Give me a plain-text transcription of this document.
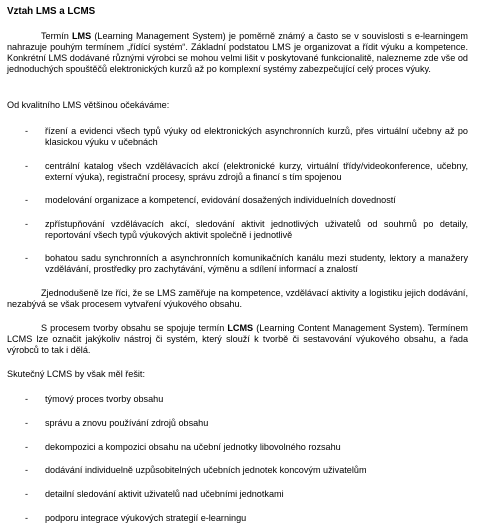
Vztah LMS a LCMS

Termín LMS (Learning Management System) je poměrně známý a často se v souvislosti s e-learningem nahrazuje pouhým termínem „řídící systém“. Základní podstatou LMS je organizovat a řídit výuku a kompetence. Konkrétní LMS dodávané různými výrobci se mohou velmi lišit v poskytované funkcionalitě, nalezneme zde vše od jednoduchých spouštěčů elektronických kurzů až po komplexní systémy zabezpečující celý proces výuky.

Od kvalitního LMS většinou očekáváme:

- řízení a evidenci všech typů výuky od elektronických asynchronních kurzů, přes virtuální učebny až po klasickou výuku v učebnách
- centrální katalog všech vzdělávacích akcí (elektronické kurzy, virtuální třídy/videokonference, učebny, externí výuka), registrační procesy, správu zdrojů a financí s tím spojenou
- modelování organizace a kompetencí, evidování dosažených individuelních dovedností
- zpřístupňování vzdělávacích akcí, sledování aktivit jednotlivých uživatelů od souhrnů po detaily, reportování všech typů výukových aktivit společně i jednotlivě
- bohatou sadu synchronních a asynchronních komunikačních kanálu mezi studenty, lektory a manažery vzdělávání, prostředky pro zachytávání, výměnu a sdílení informací a znalostí

Zjednodušeně lze říci, že se LMS zaměřuje na kompetence, vzdělávací aktivity a logistiku jejich dodávání, nezabývá se však procesem vytvaření výukového obsahu.

S procesem tvorby obsahu se spojuje termín LCMS (Learning Content Management System). Termínem LCMS lze označit jakýkoliv nástroj či systém, který slouží k tvorbě či sestavování výukového obsahu, a řada výrobců to tak i dělá.

Skutečný LCMS by však měl řešit:

- týmový proces tvorby obsahu
- správu a znovu používání zdrojů obsahu
- dekompozici a kompozici obsahu na učební jednotky libovolného rozsahu
- dodávání individuelně uzpůsobitelných učebních jednotek koncovým uživatelům
- detailní sledování aktivit uživatelů nad učebními jednotkami
- podporu integrace výukových strategií e-learningu
